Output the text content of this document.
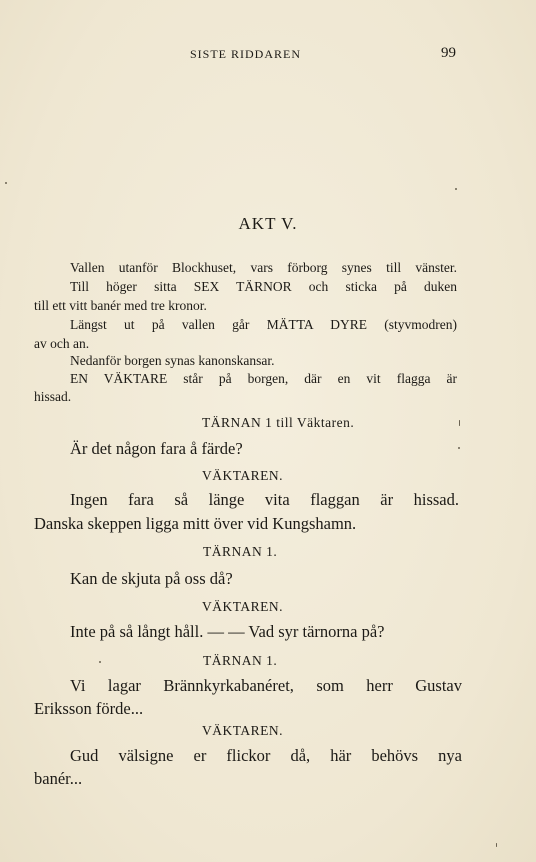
SISTE RIDDAREN	99
AKT V.
Vallen utanför Blockhuset, vars förborg synes till vänster.
Till höger sitta SEX TÄRNOR och sticka på duken
till ett vitt banér med tre kronor.
Längst ut på vallen går MÄTTA DYRE (styvmodren)
av och an.
Nedanför borgen synas kanonskansar.
EN VÄKTARE står på borgen, där en vit flagga är
hissad.
TÄRNAN 1 till Väktaren.
Är det någon fara å färde?
VÄKTAREN.
Ingen fara så länge vita flaggan är hissad.
Danska skeppen ligga mitt över vid Kungshamn.
TÄRNAN 1.
Kan de skjuta på oss då?
VÄKTAREN.
Inte på så långt håll. — — Vad syr tärnorna på?
TÄRNAN 1.
Vi lagar Brännkyrkabanéret, som herr Gustav
Eriksson förde...
VÄKTAREN.
Gud välsigne er flickor då, här behövs nya
banér...
